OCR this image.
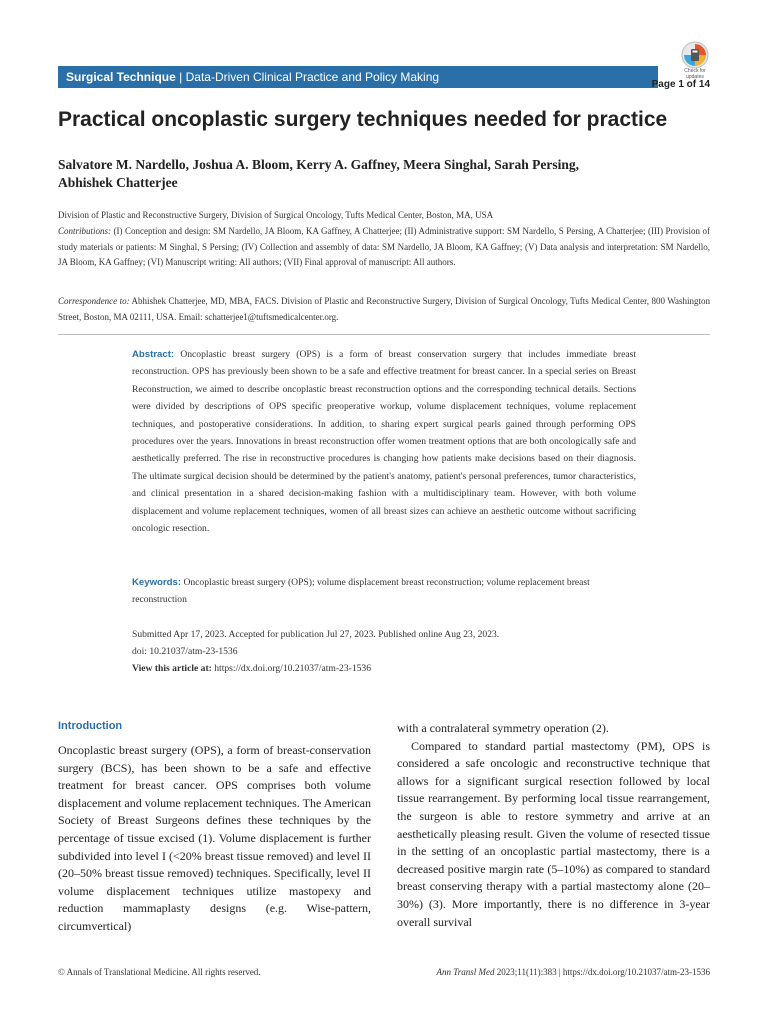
Surgical Technique | Data-Driven Clinical Practice and Policy Making	Check for updates
Page 1 of 14
Practical oncoplastic surgery techniques needed for practice
Salvatore M. Nardello, Joshua A. Bloom, Kerry A. Gaffney, Meera Singhal, Sarah Persing,
Abhishek Chatterjee
Division of Plastic and Reconstructive Surgery, Division of Surgical Oncology, Tufts Medical Center, Boston, MA, USA
Contributions: (I) Conception and design: SM Nardello, JA Bloom, KA Gaffney, A Chatterjee; (II) Administrative support: SM Nardello, S Persing, A Chatterjee; (III) Provision of study materials or patients: M Singhal, S Persing; (IV) Collection and assembly of data: SM Nardello, JA Bloom, KA Gaffney; (V) Data analysis and interpretation: SM Nardello, JA Bloom, KA Gaffney; (VI) Manuscript writing: All authors; (VII) Final approval of manuscript: All authors.
Correspondence to: Abhishek Chatterjee, MD, MBA, FACS. Division of Plastic and Reconstructive Surgery, Division of Surgical Oncology, Tufts Medical Center, 800 Washington Street, Boston, MA 02111, USA. Email: schatterjee1@tuftsmedicalcenter.org.
Abstract: Oncoplastic breast surgery (OPS) is a form of breast conservation surgery that includes immediate breast reconstruction. OPS has previously been shown to be a safe and effective treatment for breast cancer. In a special series on Breast Reconstruction, we aimed to describe oncoplastic breast reconstruction options and the corresponding technical details. Sections were divided by descriptions of OPS specific preoperative workup, volume displacement techniques, volume replacement techniques, and postoperative considerations. In addition, to sharing expert surgical pearls gained through performing OPS procedures over the years. Innovations in breast reconstruction offer women treatment options that are both oncologically safe and aesthetically preferred. The rise in reconstructive procedures is changing how patients make decisions based on their diagnosis. The ultimate surgical decision should be determined by the patient's anatomy, patient's personal preferences, tumor characteristics, and clinical presentation in a shared decision-making fashion with a multidisciplinary team. However, with both volume displacement and volume replacement techniques, women of all breast sizes can achieve an aesthetic outcome without sacrificing oncologic resection.
Keywords: Oncoplastic breast surgery (OPS); volume displacement breast reconstruction; volume replacement breast reconstruction
Submitted Apr 17, 2023. Accepted for publication Jul 27, 2023. Published online Aug 23, 2023.
doi: 10.21037/atm-23-1536
View this article at: https://dx.doi.org/10.21037/atm-23-1536
Introduction

Oncoplastic breast surgery (OPS), a form of breast-conservation surgery (BCS), has been shown to be a safe and effective treatment for breast cancer. OPS comprises both volume displacement and volume replacement techniques. The American Society of Breast Surgeons defines these techniques by the percentage of tissue excised (1). Volume displacement is further subdivided into level I (<20% breast tissue removed) and level II (20–50% breast tissue removed) techniques. Specifically, level II volume displacement techniques utilize mastopexy and reduction mammaplasty designs (e.g. Wise-pattern, circumvertical)

with a contralateral symmetry operation (2).

Compared to standard partial mastectomy (PM), OPS is considered a safe oncologic and reconstructive technique that allows for a significant surgical resection followed by local tissue rearrangement. By performing local tissue rearrangement, the surgeon is able to restore symmetry and arrive at an aesthetically pleasing result. Given the volume of resected tissue in the setting of an oncoplastic partial mastectomy, there is a decreased positive margin rate (5–10%) as compared to standard breast conserving therapy with a partial mastectomy alone (20–30%) (3). More importantly, there is no difference in 3-year overall survival

© Annals of Translational Medicine. All rights reserved.	Ann Transl Med 2023;11(11):383 | https://dx.doi.org/10.21037/atm-23-1536
